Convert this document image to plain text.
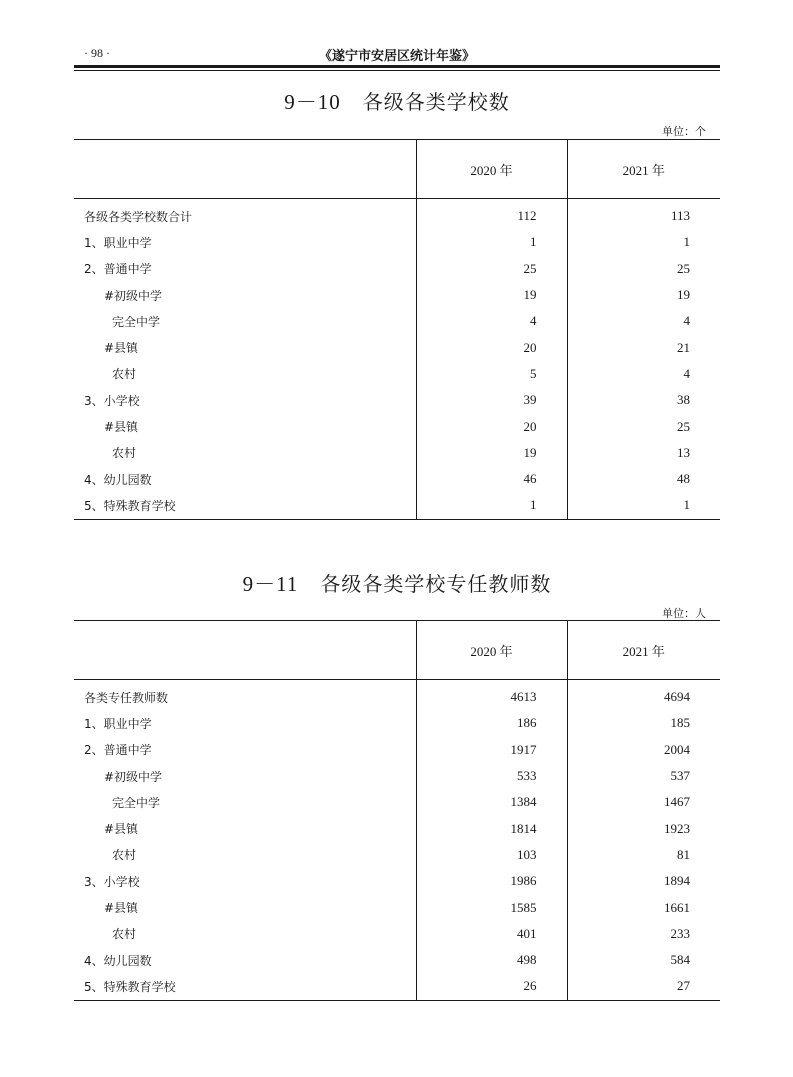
· 98 ·	《遂宁市安居区统计年鉴》
9－10 各级各类学校数
单位：个
	2020 年	2021 年
各级各类学校数合计	112	113
1、职业中学	1	1
2、普通中学	25	25
#初级中学	19	19
完全中学	4	4
#县镇	20	21
农村	5	4
3、小学校	39	38
#县镇	20	25
农村	19	13
4、幼儿园数	46	48
5、特殊教育学校	1	1
9－11 各级各类学校专任教师数
单位：人
	2020 年	2021 年
各类专任教师数	4613	4694
1、职业中学	186	185
2、普通中学	1917	2004
#初级中学	533	537
完全中学	1384	1467
#县镇	1814	1923
农村	103	81
3、小学校	1986	1894
#县镇	1585	1661
农村	401	233
4、幼儿园数	498	584
5、特殊教育学校	26	27
